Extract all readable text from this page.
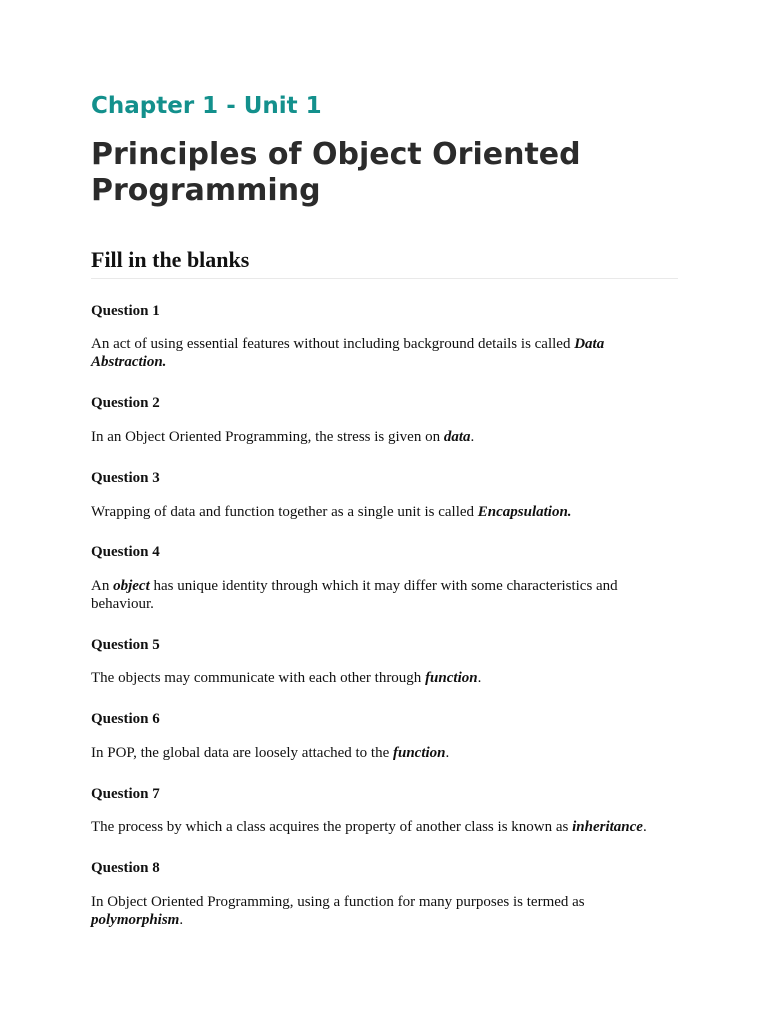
Chapter 1 - Unit 1
Principles of Object Oriented Programming
Fill in the blanks
Question 1

An act of using essential features without including background details is called Data Abstraction.

Question 2

In an Object Oriented Programming, the stress is given on data.

Question 3

Wrapping of data and function together as a single unit is called Encapsulation.

Question 4

An object has unique identity through which it may differ with some characteristics and behaviour.

Question 5

The objects may communicate with each other through function.

Question 6

In POP, the global data are loosely attached to the function.

Question 7

The process by which a class acquires the property of another class is known as inheritance.

Question 8

In Object Oriented Programming, using a function for many purposes is termed as polymorphism.
